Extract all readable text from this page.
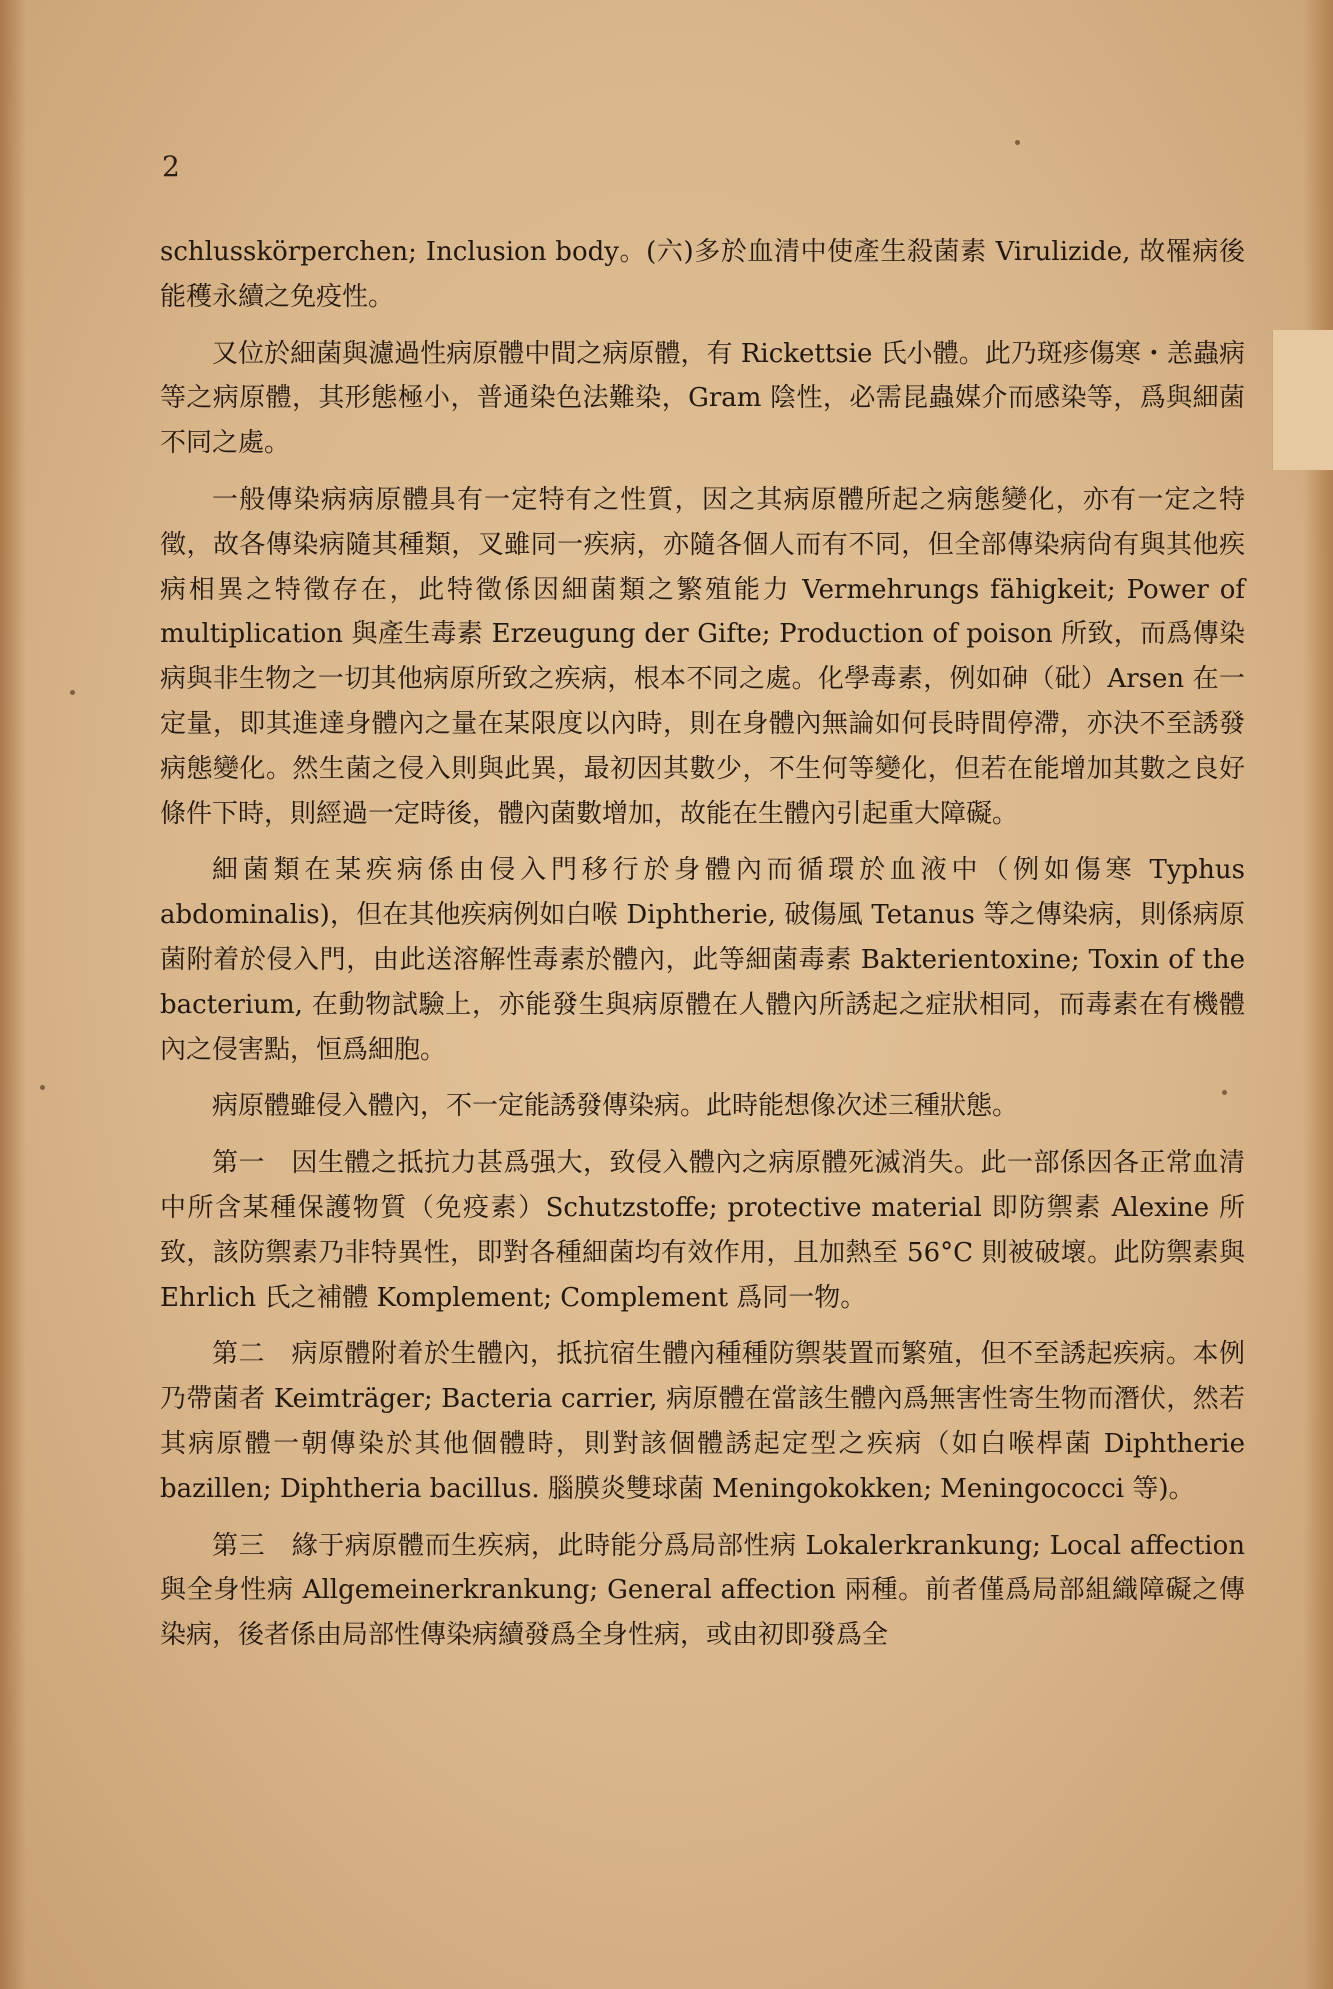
2

schlusskörperchen; Inclusion body。(六)多於血清中使產生殺菌素 Virulizide, 故罹病後能穫永續之免疫性。

又位於細菌與濾過性病原體中間之病原體，有 Rickettsie 氏小體。此乃斑疹傷寒・恙蟲病等之病原體，其形態極小，普通染色法難染，Gram 陰性，必需昆蟲媒介而感染等，爲與細菌不同之處。

一般傳染病病原體具有一定特有之性質，因之其病原體所起之病態變化，亦有一定之特徵，故各傳染病隨其種類，叉雖同一疾病，亦隨各個人而有不同，但全部傳染病尙有與其他疾病相異之特徵存在，此特徵係因細菌類之繁殖能力 Vermehrungs fähigkeit; Power of multiplication 與產生毒素 Erzeugung der Gifte; Production of poison 所致，而爲傳染病與非生物之一切其他病原所致之疾病，根本不同之處。化學毒素，例如砷（砒）Arsen 在一定量，即其進達身體內之量在某限度以內時，則在身體內無論如何長時間停滯，亦決不至誘發病態變化。然生菌之侵入則與此異，最初因其數少，不生何等變化，但若在能增加其數之良好條件下時，則經過一定時後，體內菌數增加，故能在生體內引起重大障礙。

細菌類在某疾病係由侵入門移行於身體內而循環於血液中（例如傷寒 Typhus abdominalis)，但在其他疾病例如白喉 Diphtherie, 破傷風 Tetanus 等之傳染病，則係病原菌附着於侵入門，由此送溶解性毒素於體內，此等細菌毒素 Bakterientoxine; Toxin of the bacterium, 在動物試驗上，亦能發生與病原體在人體內所誘起之症狀相同，而毒素在有機體內之侵害點，恒爲細胞。

病原體雖侵入體內，不一定能誘發傳染病。此時能想像次述三種狀態。

第一　因生體之抵抗力甚爲强大，致侵入體內之病原體死滅消失。此一部係因各正常血清中所含某種保護物質（免疫素）Schutzstoffe; protective material 即防禦素 Alexine 所致，該防禦素乃非特異性，即對各種細菌均有效作用，且加熱至 56°C 則被破壞。此防禦素與 Ehrlich 氏之補體 Komplement; Complement 爲同一物。

第二　病原體附着於生體內，抵抗宿生體內種種防禦裝置而繁殖，但不至誘起疾病。本例乃帶菌者 Keimträger; Bacteria carrier, 病原體在當該生體內爲無害性寄生物而潛伏，然若其病原體一朝傳染於其他個體時，則對該個體誘起定型之疾病（如白喉桿菌 Diphtherie bazillen; Diphtheria bacillus. 腦膜炎雙球菌 Meningokokken; Meningococci 等)。

第三　緣于病原體而生疾病，此時能分爲局部性病 Lokalerkrankung; Local affection 與全身性病 Allgemeinerkrankung; General affection 兩種。前者僅爲局部組織障礙之傳染病，後者係由局部性傳染病續發爲全身性病，或由初即發爲全
